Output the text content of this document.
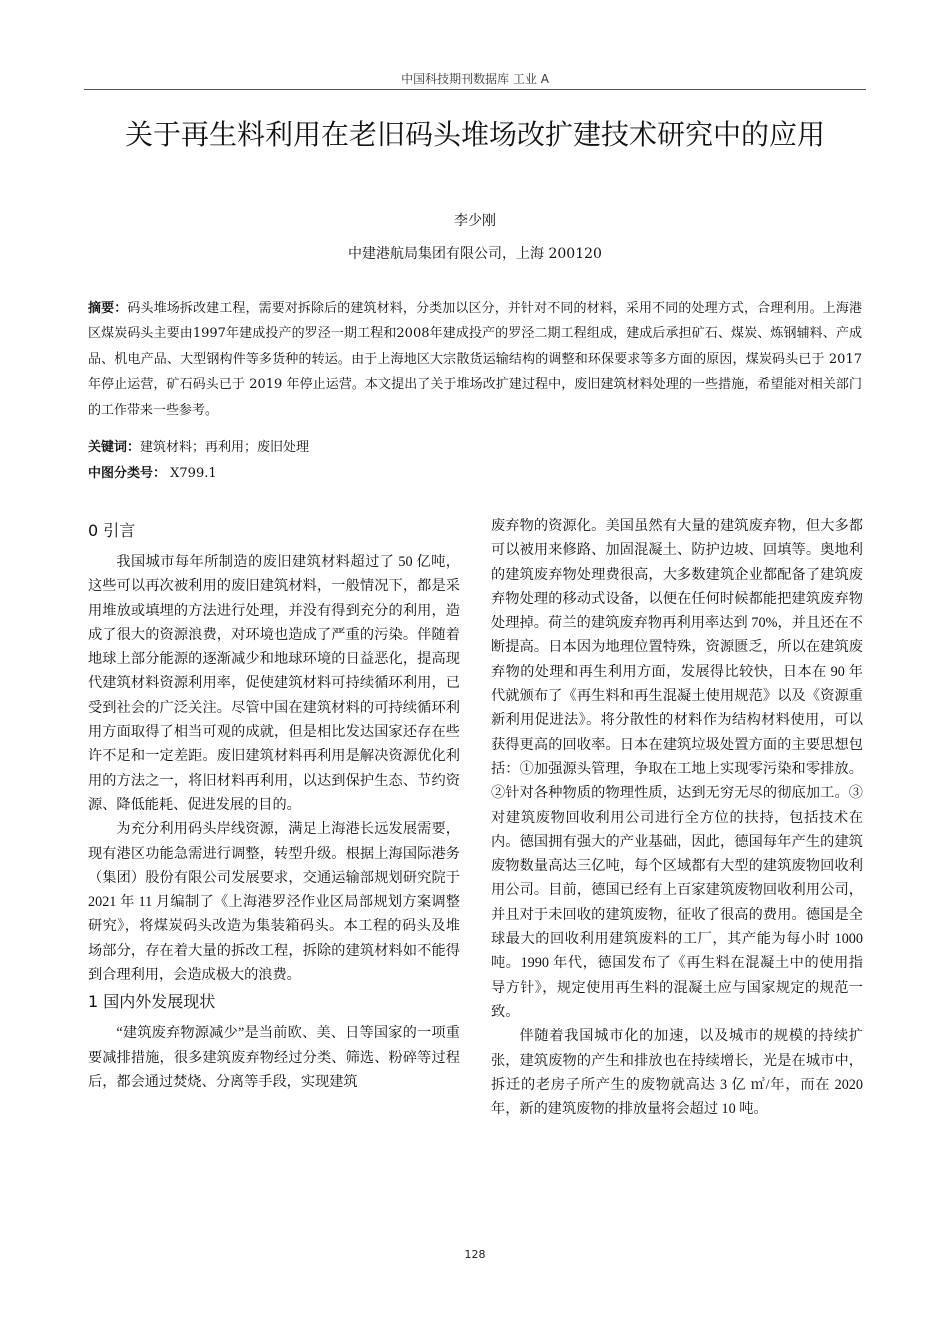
中国科技期刊数据库 工业 A
关于再生料利用在老旧码头堆场改扩建技术研究中的应用
李少刚
中建港航局集团有限公司，上海 200120
摘要：码头堆场拆改建工程，需要对拆除后的建筑材料，分类加以区分，并针对不同的材料，采用不同的处理方式，合理利用。上海港区煤炭码头主要由1997年建成投产的罗泾一期工程和2008年建成投产的罗泾二期工程组成，建成后承担矿石、煤炭、炼钢辅料、产成品、机电产品、大型钢构件等多货种的转运。由于上海地区大宗散货运输结构的调整和环保要求等多方面的原因，煤炭码头已于 2017 年停止运营，矿石码头已于 2019 年停止运营。本文提出了关于堆场改扩建过程中，废旧建筑材料处理的一些措施，希望能对相关部门的工作带来一些参考。
关键词：建筑材料；再利用；废旧处理
中图分类号： X799.1
0 引言

我国城市每年所制造的废旧建筑材料超过了 50 亿吨，这些可以再次被利用的废旧建筑材料，一般情况下，都是采用堆放或填埋的方法进行处理，并没有得到充分的利用，造成了很大的资源浪费，对环境也造成了严重的污染。伴随着地球上部分能源的逐渐减少和地球环境的日益恶化，提高现代建筑材料资源利用率，促使建筑材料可持续循环利用，已受到社会的广泛关注。尽管中国在建筑材料的可持续循环利用方面取得了相当可观的成就，但是相比发达国家还存在些许不足和一定差距。废旧建筑材料再利用是解决资源优化利用的方法之一，将旧材料再利用，以达到保护生态、节约资源、降低能耗、促进发展的目的。

为充分利用码头岸线资源，满足上海港长远发展需要，现有港区功能急需进行调整，转型升级。根据上海国际港务（集团）股份有限公司发展要求，交通运输部规划研究院于 2021 年 11 月编制了《上海港罗泾作业区局部规划方案调整研究》，将煤炭码头改造为集装箱码头。本工程的码头及堆场部分，存在着大量的拆改工程，拆除的建筑材料如不能得到合理利用，会造成极大的浪费。

1 国内外发展现状

“建筑废弃物源减少”是当前欧、美、日等国家的一项重要减排措施，很多建筑废弃物经过分类、筛选、粉碎等过程后，都会通过焚烧、分离等手段，实现建筑

废弃物的资源化。美国虽然有大量的建筑废弃物，但大多都可以被用来修路、加固混凝土、防护边坡、回填等。奥地利的建筑废弃物处理费很高，大多数建筑企业都配备了建筑废弃物处理的移动式设备，以便在任何时候都能把建筑废弃物处理掉。荷兰的建筑废弃物再利用率达到 70%，并且还在不断提高。日本因为地理位置特殊，资源匮乏，所以在建筑废弃物的处理和再生利用方面，发展得比较快，日本在 90 年代就颁布了《再生料和再生混凝土使用规范》以及《资源重新利用促进法》。将分散性的材料作为结构材料使用，可以获得更高的回收率。日本在建筑垃圾处置方面的主要思想包括：①加强源头管理，争取在工地上实现零污染和零排放。②针对各种物质的物理性质，达到无穷无尽的彻底加工。③对建筑废物回收利用公司进行全方位的扶持，包括技术在内。德国拥有强大的产业基础，因此，德国每年产生的建筑废物数量高达三亿吨，每个区域都有大型的建筑废物回收利用公司。目前，德国已经有上百家建筑废物回收利用公司，并且对于未回收的建筑废物，征收了很高的费用。德国是全球最大的回收利用建筑废料的工厂，其产能为每小时 1000 吨。1990 年代，德国发布了《再生料在混凝土中的使用指导方针》，规定使用再生料的混凝土应与国家规定的规范一致。

伴随着我国城市化的加速，以及城市的规模的持续扩张，建筑废物的产生和排放也在持续增长，光是在城市中，拆迁的老房子所产生的废物就高达 3 亿 ㎥/年，而在 2020 年，新的建筑废物的排放量将会超过 10 吨。

128
